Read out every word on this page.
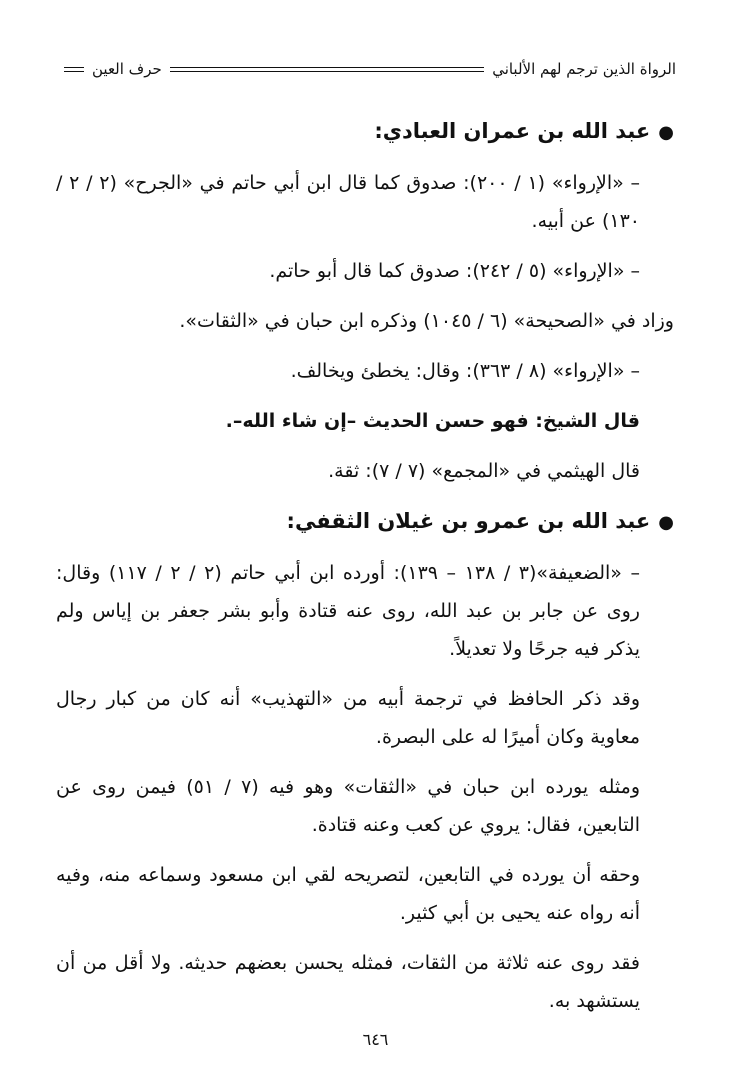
الرواة الذين ترجم لهم الألباني
حرف العين
●عبد الله بن عمران العبادي:

– «الإرواء» (١ / ٢٠٠): صدوق كما قال ابن أبي حاتم في «الجرح» (٢ / ٢ / ١٣٠) عن أبيه.

– «الإرواء» (٥ / ٢٤٢): صدوق كما قال أبو حاتم.

وزاد في «الصحيحة» (٦ / ١٠٤٥) وذكره ابن حبان في «الثقات».

– «الإرواء» (٨ / ٣٦٣): وقال: يخطئ ويخالف.

قال الشيخ: فهو حسن الحديث –إن شاء الله–.

قال الهيثمي في «المجمع» (٧ / ٧): ثقة.

●عبد الله بن عمرو بن غيلان الثقفي:

– «الضعيفة»(٣ / ١٣٨ – ١٣٩): أورده ابن أبي حاتم (٢ / ٢ / ١١٧) وقال: روى عن جابر بن عبد الله، روى عنه قتادة وأبو بشر جعفر بن إياس ولم يذكر فيه جرحًا ولا تعديلاً.

وقد ذكر الحافظ في ترجمة أبيه من «التهذيب» أنه كان من كبار رجال معاوية وكان أميرًا له على البصرة.

ومثله يورده ابن حبان في «الثقات» وهو فيه (٧ / ٥١) فيمن روى عن التابعين، فقال: يروي عن كعب وعنه قتادة.

وحقه أن يورده في التابعين، لتصريحه لقي ابن مسعود وسماعه منه، وفيه أنه رواه عنه يحيى بن أبي كثير.

فقد روى عنه ثلاثة من الثقات، فمثله يحسن بعضهم حديثه. ولا أقل من أن يستشهد به.

٦٤٦
